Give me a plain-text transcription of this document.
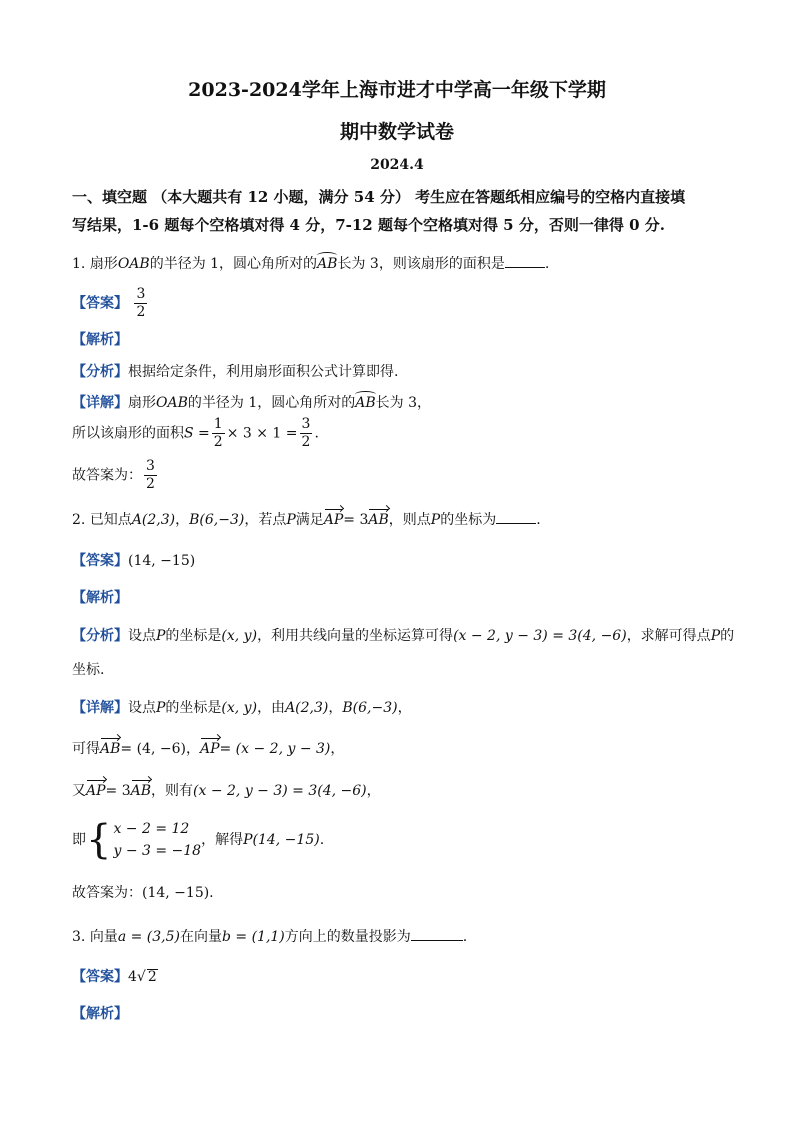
2023-2024学年上海市进才中学高一年级下学期
期中数学试卷
2024.4
一、填空题 （本大题共有 12 小题，满分 54 分） 考生应在答题纸相应编号的空格内直接填
写结果，1-6 题每个空格填对得 4 分，7-12 题每个空格填对得 5 分，否则一律得 0 分.
1. 扇形OAB的半径为 1，圆心角所对的AB长为 3，则该扇形的面积是	.
【答案】 $\frac{3}{2}$
【解析】
【分析】根据给定条件，利用扇形面积公式计算即得.
【详解】扇形OAB的半径为 1，圆心角所对的AB长为 3，
所以该扇形的面积$S = \frac{1}{2} \times 3 \times 1 = \frac{3}{2}$ .
故答案为： $\frac{3}{2}$
2. 已知点A(2,3)，B(6,−3)，若点P满足AP= 3AB，则点P的坐标为	.
【答案】(14, −15)
【解析】
【分析】设点P的坐标是(x, y)，利用共线向量的坐标运算可得(x − 2, y − 3) = 3(4, −6)，求解可得点P的
坐标.
【详解】设点P的坐标是(x, y)，由A(2,3)，B(6,−3)，
可得AB= (4, −6)，AP= (x − 2, y − 3)，
又AP= 3AB，则有(x − 2, y − 3) = 3(4, −6)，
即 { x − 2 = 12
y − 3 = −18
，解得P(14, −15).
故答案为：(14, −15).
3. 向量a = (3,5)在向量b = (1,1)方向上的数量投影为	.
【答案】4√ 2
【解析】
